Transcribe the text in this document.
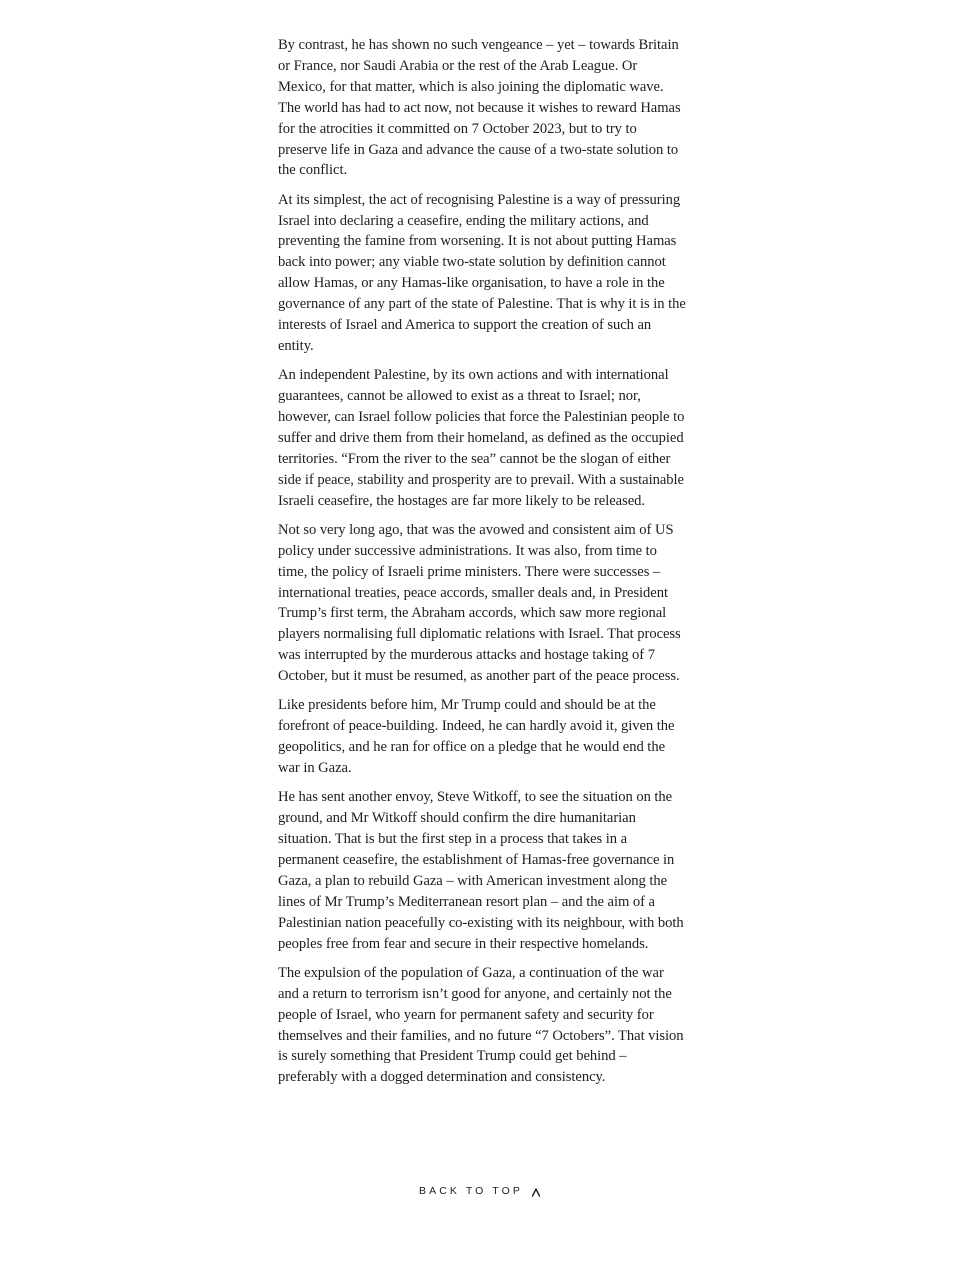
By contrast, he has shown no such vengeance – yet – towards Britain or France, nor Saudi Arabia or the rest of the Arab League. Or Mexico, for that matter, which is also joining the diplomatic wave. The world has had to act now, not because it wishes to reward Hamas for the atrocities it committed on 7 October 2023, but to try to preserve life in Gaza and advance the cause of a two-state solution to the conflict.

At its simplest, the act of recognising Palestine is a way of pressuring Israel into declaring a ceasefire, ending the military actions, and preventing the famine from worsening. It is not about putting Hamas back into power; any viable two-state solution by definition cannot allow Hamas, or any Hamas-like organisation, to have a role in the governance of any part of the state of Palestine. That is why it is in the interests of Israel and America to support the creation of such an entity.

An independent Palestine, by its own actions and with international guarantees, cannot be allowed to exist as a threat to Israel; nor, however, can Israel follow policies that force the Palestinian people to suffer and drive them from their homeland, as defined as the occupied territories. “From the river to the sea” cannot be the slogan of either side if peace, stability and prosperity are to prevail. With a sustainable Israeli ceasefire, the hostages are far more likely to be released.

Not so very long ago, that was the avowed and consistent aim of US policy under successive administrations. It was also, from time to time, the policy of Israeli prime ministers. There were successes – international treaties, peace accords, smaller deals and, in President Trump’s first term, the Abraham accords, which saw more regional players normalising full diplomatic relations with Israel. That process was interrupted by the murderous attacks and hostage taking of 7 October, but it must be resumed, as another part of the peace process.

Like presidents before him, Mr Trump could and should be at the forefront of peace-building. Indeed, he can hardly avoid it, given the geopolitics, and he ran for office on a pledge that he would end the war in Gaza.

He has sent another envoy, Steve Witkoff, to see the situation on the ground, and Mr Witkoff should confirm the dire humanitarian situation. That is but the first step in a process that takes in a permanent ceasefire, the establishment of Hamas-free governance in Gaza, a plan to rebuild Gaza – with American investment along the lines of Mr Trump’s Mediterranean resort plan – and the aim of a Palestinian nation peacefully co-existing with its neighbour, with both peoples free from fear and secure in their respective homelands.

The expulsion of the population of Gaza, a continuation of the war and a return to terrorism isn’t good for anyone, and certainly not the people of Israel, who yearn for permanent safety and security for themselves and their families, and no future “7 Octobers”. That vision is surely something that President Trump could get behind – preferably with a dogged determination and consistency.

BACK TO TOP
